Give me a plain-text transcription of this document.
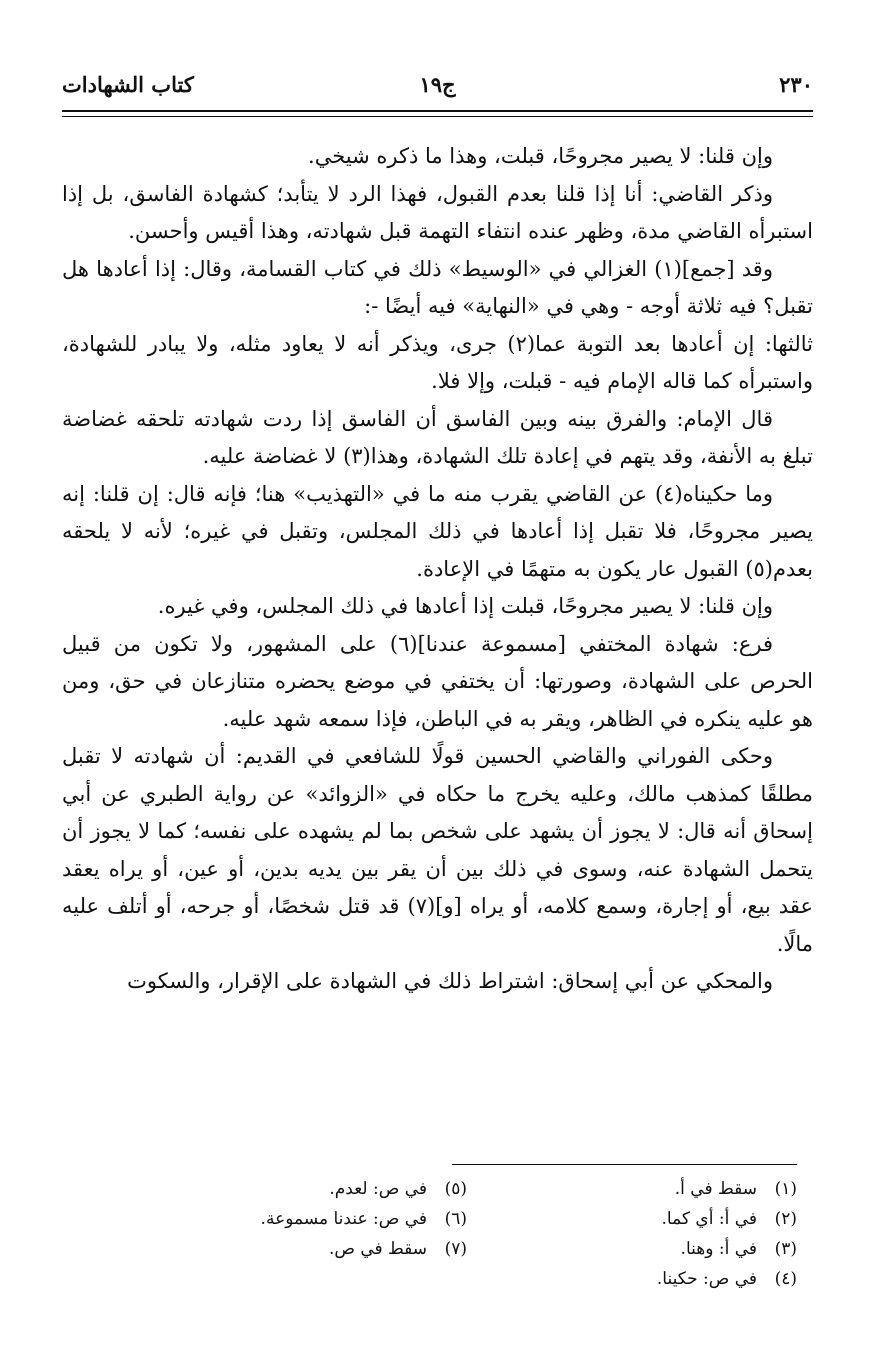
٢٣٠
ج١٩
كتاب الشهادات

وإن قلنا: لا يصير مجروحًا، قبلت، وهذا ما ذكره شيخي.

وذكر القاضي: أنا إذا قلنا بعدم القبول، فهذا الرد لا يتأبد؛ كشهادة الفاسق، بل إذا استبرأه القاضي مدة، وظهر عنده انتفاء التهمة قبل شهادته، وهذا أقيس وأحسن.

وقد [جمع](١) الغزالي في «الوسيط» ذلك في كتاب القسامة، وقال: إذا أعادها هل تقبل؟ فيه ثلاثة أوجه - وهي في «النهاية» فيه أيضًا -:

ثالثها: إن أعادها بعد التوبة عما(٢) جرى، ويذكر أنه لا يعاود مثله، ولا يبادر للشهادة، واستبرأه كما قاله الإمام فيه - قبلت، وإلا فلا.

قال الإمام: والفرق بينه وبين الفاسق أن الفاسق إذا ردت شهادته تلحقه غضاضة تبلغ به الأنفة، وقد يتهم في إعادة تلك الشهادة، وهذا(٣) لا غضاضة عليه.

وما حكيناه(٤) عن القاضي يقرب منه ما في «التهذيب» هنا؛ فإنه قال: إن قلنا: إنه يصير مجروحًا، فلا تقبل إذا أعادها في ذلك المجلس، وتقبل في غيره؛ لأنه لا يلحقه بعدم(٥) القبول عار يكون به متهمًا في الإعادة.

وإن قلنا: لا يصير مجروحًا، قبلت إذا أعادها في ذلك المجلس، وفي غيره.

فرع: شهادة المختفي [مسموعة عندنا](٦) على المشهور، ولا تكون من قبيل الحرص على الشهادة، وصورتها: أن يختفي في موضع يحضره متنازعان في حق، ومن هو عليه ينكره في الظاهر، ويقر به في الباطن، فإذا سمعه شهد عليه.

وحكى الفوراني والقاضي الحسين قولًا للشافعي في القديم: أن شهادته لا تقبل مطلقًا كمذهب مالك، وعليه يخرج ما حكاه في «الزوائد» عن رواية الطبري عن أبي إسحاق أنه قال: لا يجوز أن يشهد على شخص بما لم يشهده على نفسه؛ كما لا يجوز أن يتحمل الشهادة عنه، وسوى في ذلك بين أن يقر بين يديه بدين، أو عين، أو يراه يعقد عقد بيع، أو إجارة، وسمع كلامه، أو يراه [و](٧) قد قتل شخصًا، أو جرحه، أو أتلف عليه مالًا.

والمحكي عن أبي إسحاق: اشتراط ذلك في الشهادة على الإقرار، والسكوت

(١)سقط في أ.
(٢)في أ: أي كما.
(٣)في أ: وهنا.
(٤)في ص: حكينا.
(٥)في ص: لعدم.
(٦)في ص: عندنا مسموعة.
(٧)سقط في ص.
